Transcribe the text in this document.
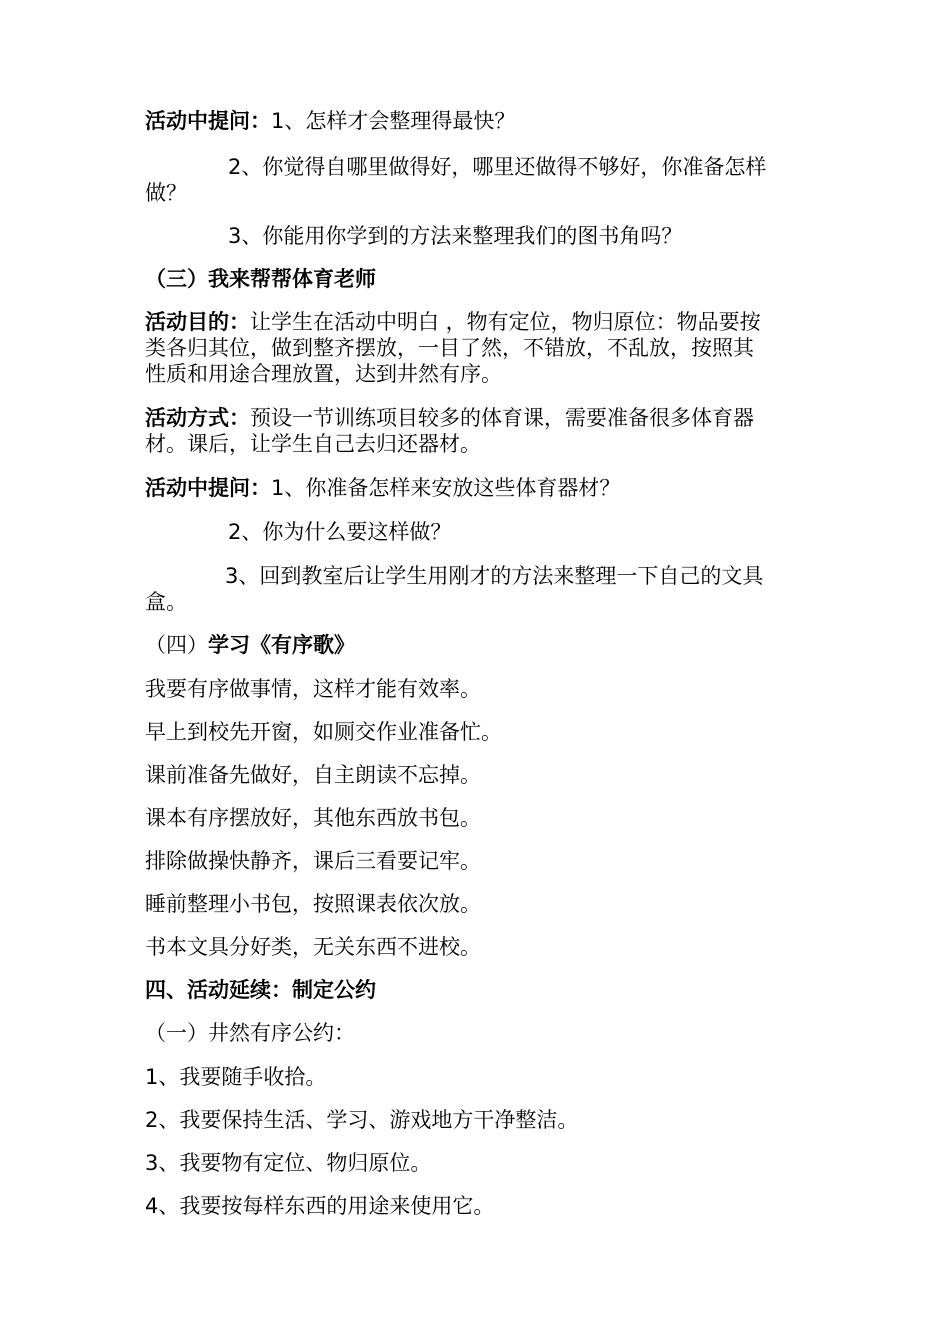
活动中提问：1、怎样才会整理得最快？
2、你觉得自哪里做得好，哪里还做得不够好，你准备怎样
做？
3、你能用你学到的方法来整理我们的图书角吗？
（三）我来帮帮体育老师
活动目的：让学生在活动中明白 ，物有定位，物归原位：物品要按
类各归其位，做到整齐摆放，一目了然，不错放，不乱放，按照其
性质和用途合理放置，达到井然有序。
活动方式：预设一节训练项目较多的体育课，需要准备很多体育器
材。课后，让学生自己去归还器材。
活动中提问：1、你准备怎样来安放这些体育器材？
2、你为什么要这样做？
3、回到教室后让学生用刚才的方法来整理一下自己的文具
盒。
（四）学习《有序歌》
我要有序做事情，这样才能有效率。
早上到校先开窗，如厕交作业准备忙。
课前准备先做好，自主朗读不忘掉。
课本有序摆放好，其他东西放书包。
排除做操快静齐，课后三看要记牢。
睡前整理小书包，按照课表依次放。
书本文具分好类，无关东西不进校。
四、活动延续：制定公约
（一）井然有序公约：
1、我要随手收拾。
2、我要保持生活、学习、游戏地方干净整洁。
3、我要物有定位、物归原位。
4、我要按每样东西的用途来使用它。
